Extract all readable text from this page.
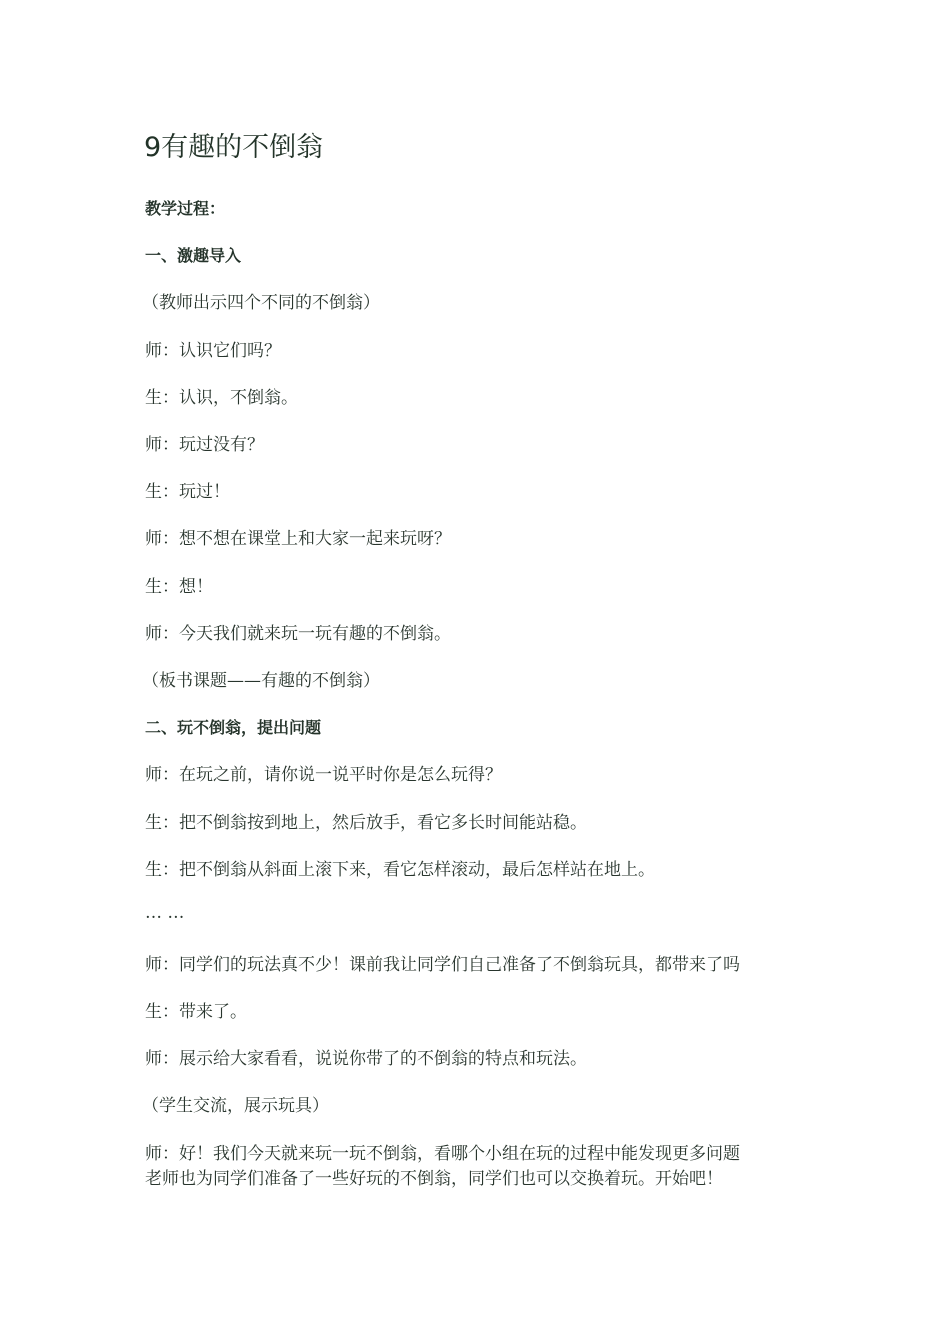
9有趣的不倒翁
教学过程：
一、激趣导入
（教师出示四个不同的不倒翁）
师：认识它们吗？
生：认识，不倒翁。
师：玩过没有？
生：玩过！
师：想不想在课堂上和大家一起来玩呀？
生：想！
师：今天我们就来玩一玩有趣的不倒翁。
（板书课题——有趣的不倒翁）
二、玩不倒翁，提出问题
师：在玩之前，请你说一说平时你是怎么玩得？
生：把不倒翁按到地上，然后放手，看它多长时间能站稳。
生：把不倒翁从斜面上滚下来，看它怎样滚动，最后怎样站在地上。
… …
师：同学们的玩法真不少！课前我让同学们自己准备了不倒翁玩具，都带来了吗
生：带来了。
师：展示给大家看看，说说你带了的不倒翁的特点和玩法。
（学生交流，展示玩具）
师：好！我们今天就来玩一玩不倒翁，看哪个小组在玩的过程中能发现更多问题
老师也为同学们准备了一些好玩的不倒翁，同学们也可以交换着玩。开始吧！
